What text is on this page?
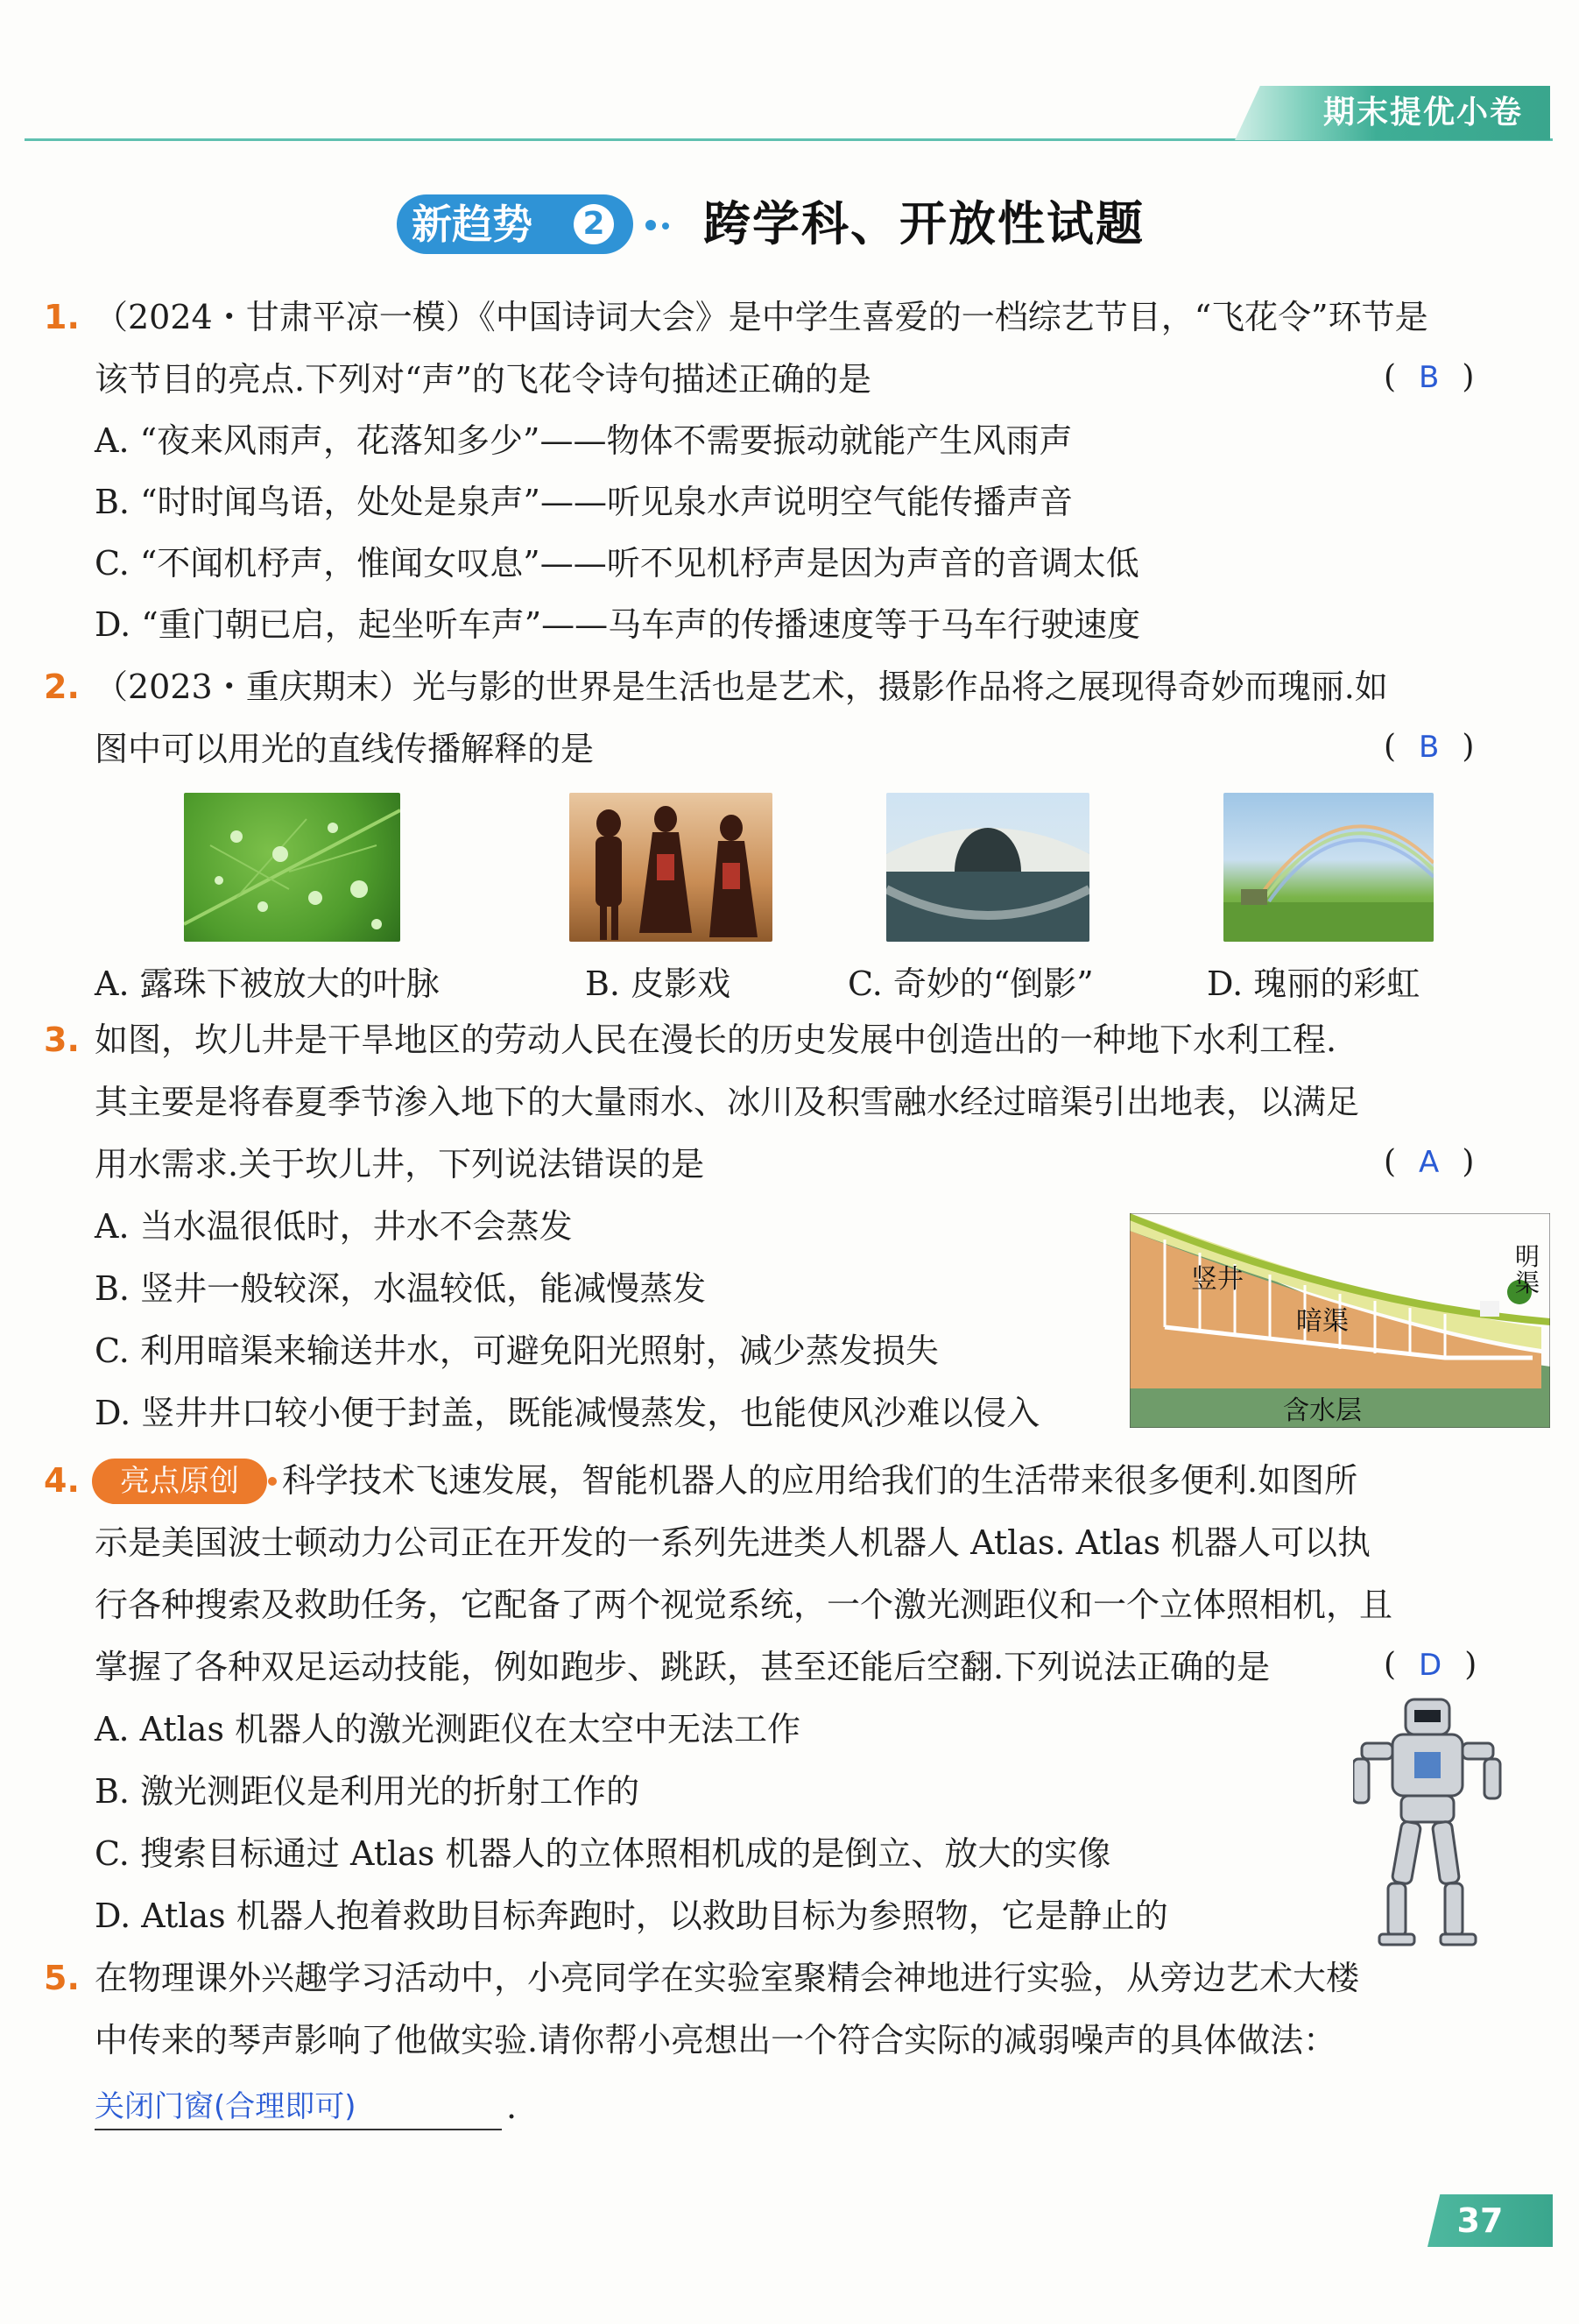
期末提优小卷
新趋势 2 跨学科、开放性试题
1. （2024・甘肃平凉一模）《中国诗词大会》是中学生喜爱的一档综艺节目，“飞花令”环节是
该节目的亮点.下列对“声”的飞花令诗句描述正确的是	( B )
A. “夜来风雨声，花落知多少”——物体不需要振动就能产生风雨声
B. “时时闻鸟语，处处是泉声”——听见泉水声说明空气能传播声音
C. “不闻机杼声，惟闻女叹息”——听不见机杼声是因为声音的音调太低
D. “重门朝已启，起坐听车声”——马车声的传播速度等于马车行驶速度
2. （2023・重庆期末）光与影的世界是生活也是艺术，摄影作品将之展现得奇妙而瑰丽.如
图中可以用光的直线传播解释的是	( B )
A. 露珠下被放大的叶脉	B. 皮影戏	C. 奇妙的“倒影”	D. 瑰丽的彩虹
3. 如图，坎儿井是干旱地区的劳动人民在漫长的历史发展中创造出的一种地下水利工程.
其主要是将春夏季节渗入地下的大量雨水、冰川及积雪融水经过暗渠引出地表，以满足
用水需求.关于坎儿井，下列说法错误的是	( A )
A. 当水温很低时，井水不会蒸发
B. 竖井一般较深，水温较低，能减慢蒸发
C. 利用暗渠来输送井水，可避免阳光照射，减少蒸发损失
D. 竖井井口较小便于封盖，既能减慢蒸发，也能使风沙难以侵入
竖井
明
渠
暗渠
含水层
4.	亮点原创	科学技术飞速发展，智能机器人的应用给我们的生活带来很多便利.如图所
示是美国波士顿动力公司正在开发的一系列先进类人机器人 Atlas. Atlas 机器人可以执
行各种搜索及救助任务，它配备了两个视觉系统，一个激光测距仪和一个立体照相机，且
掌握了各种双足运动技能，例如跑步、跳跃，甚至还能后空翻.下列说法正确的是	( D )
A. Atlas 机器人的激光测距仪在太空中无法工作
B. 激光测距仪是利用光的折射工作的
C. 搜索目标通过 Atlas 机器人的立体照相机成的是倒立、放大的实像
D. Atlas 机器人抱着救助目标奔跑时，以救助目标为参照物，它是静止的
5. 在物理课外兴趣学习活动中，小亮同学在实验室聚精会神地进行实验，从旁边艺术大楼
中传来的琴声影响了他做实验.请你帮小亮想出一个符合实际的减弱噪声的具体做法：
关闭门窗(合理即可)	.
37
